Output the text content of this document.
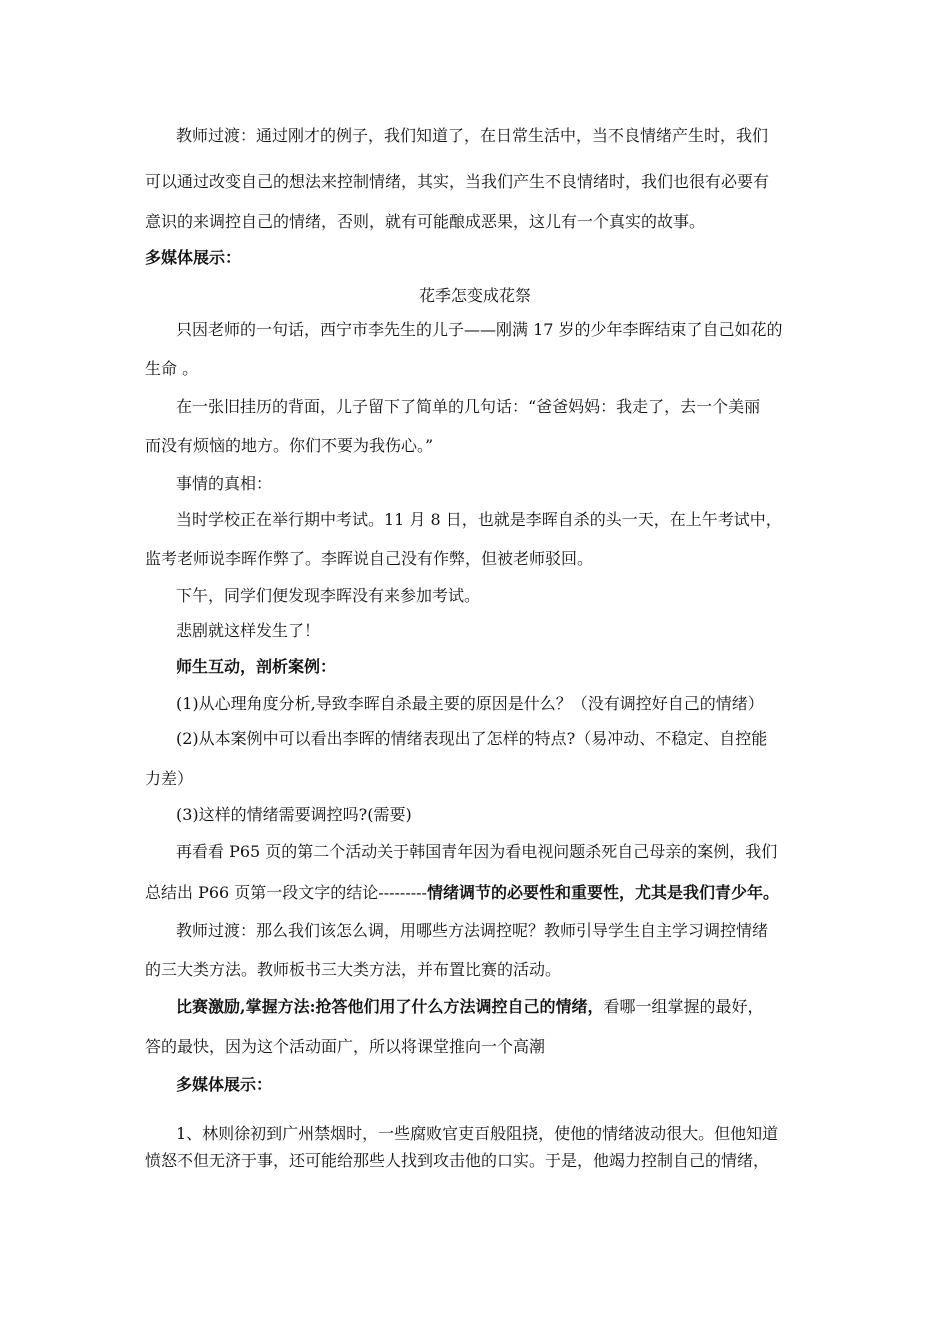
教师过渡：通过刚才的例子，我们知道了，在日常生活中，当不良情绪产生时，我们
可以通过改变自己的想法来控制情绪，其实，当我们产生不良情绪时，我们也很有必要有
意识的来调控自己的情绪，否则，就有可能酿成恶果，这儿有一个真实的故事。
多媒体展示：
花季怎变成花祭
只因老师的一句话，西宁市李先生的儿子——刚满 17 岁的少年李晖结束了自己如花的
生命 。
在一张旧挂历的背面，儿子留下了简单的几句话：“爸爸妈妈：我走了，去一个美丽
而没有烦恼的地方。你们不要为我伤心。”
事情的真相：
当时学校正在举行期中考试。11 月 8 日，也就是李晖自杀的头一天，在上午考试中，
监考老师说李晖作弊了。李晖说自己没有作弊，但被老师驳回。
下午，同学们便发现李晖没有来参加考试。
悲剧就这样发生了！
师生互动，剖析案例：
(1)从心理角度分析,导致李晖自杀最主要的原因是什么？（没有调控好自己的情绪）
(2)从本案例中可以看出李晖的情绪表现出了怎样的特点?（易冲动、不稳定、自控能
力差）
(3)这样的情绪需要调控吗?(需要)
再看看 P65 页的第二个活动关于韩国青年因为看电视问题杀死自己母亲的案例，我们
总结出 P66 页第一段文字的结论---------情绪调节的必要性和重要性，尤其是我们青少年。
教师过渡：那么我们该怎么调，用哪些方法调控呢？教师引导学生自主学习调控情绪
的三大类方法。教师板书三大类方法，并布置比赛的活动。
比赛激励,掌握方法:抢答他们用了什么方法调控自己的情绪，看哪一组掌握的最好，
答的最快，因为这个活动面广，所以将课堂推向一个高潮
多媒体展示：
1、林则徐初到广州禁烟时，一些腐败官吏百般阻挠，使他的情绪波动很大。但他知道
愤怒不但无济于事，还可能给那些人找到攻击他的口实。于是，他竭力控制自己的情绪，
